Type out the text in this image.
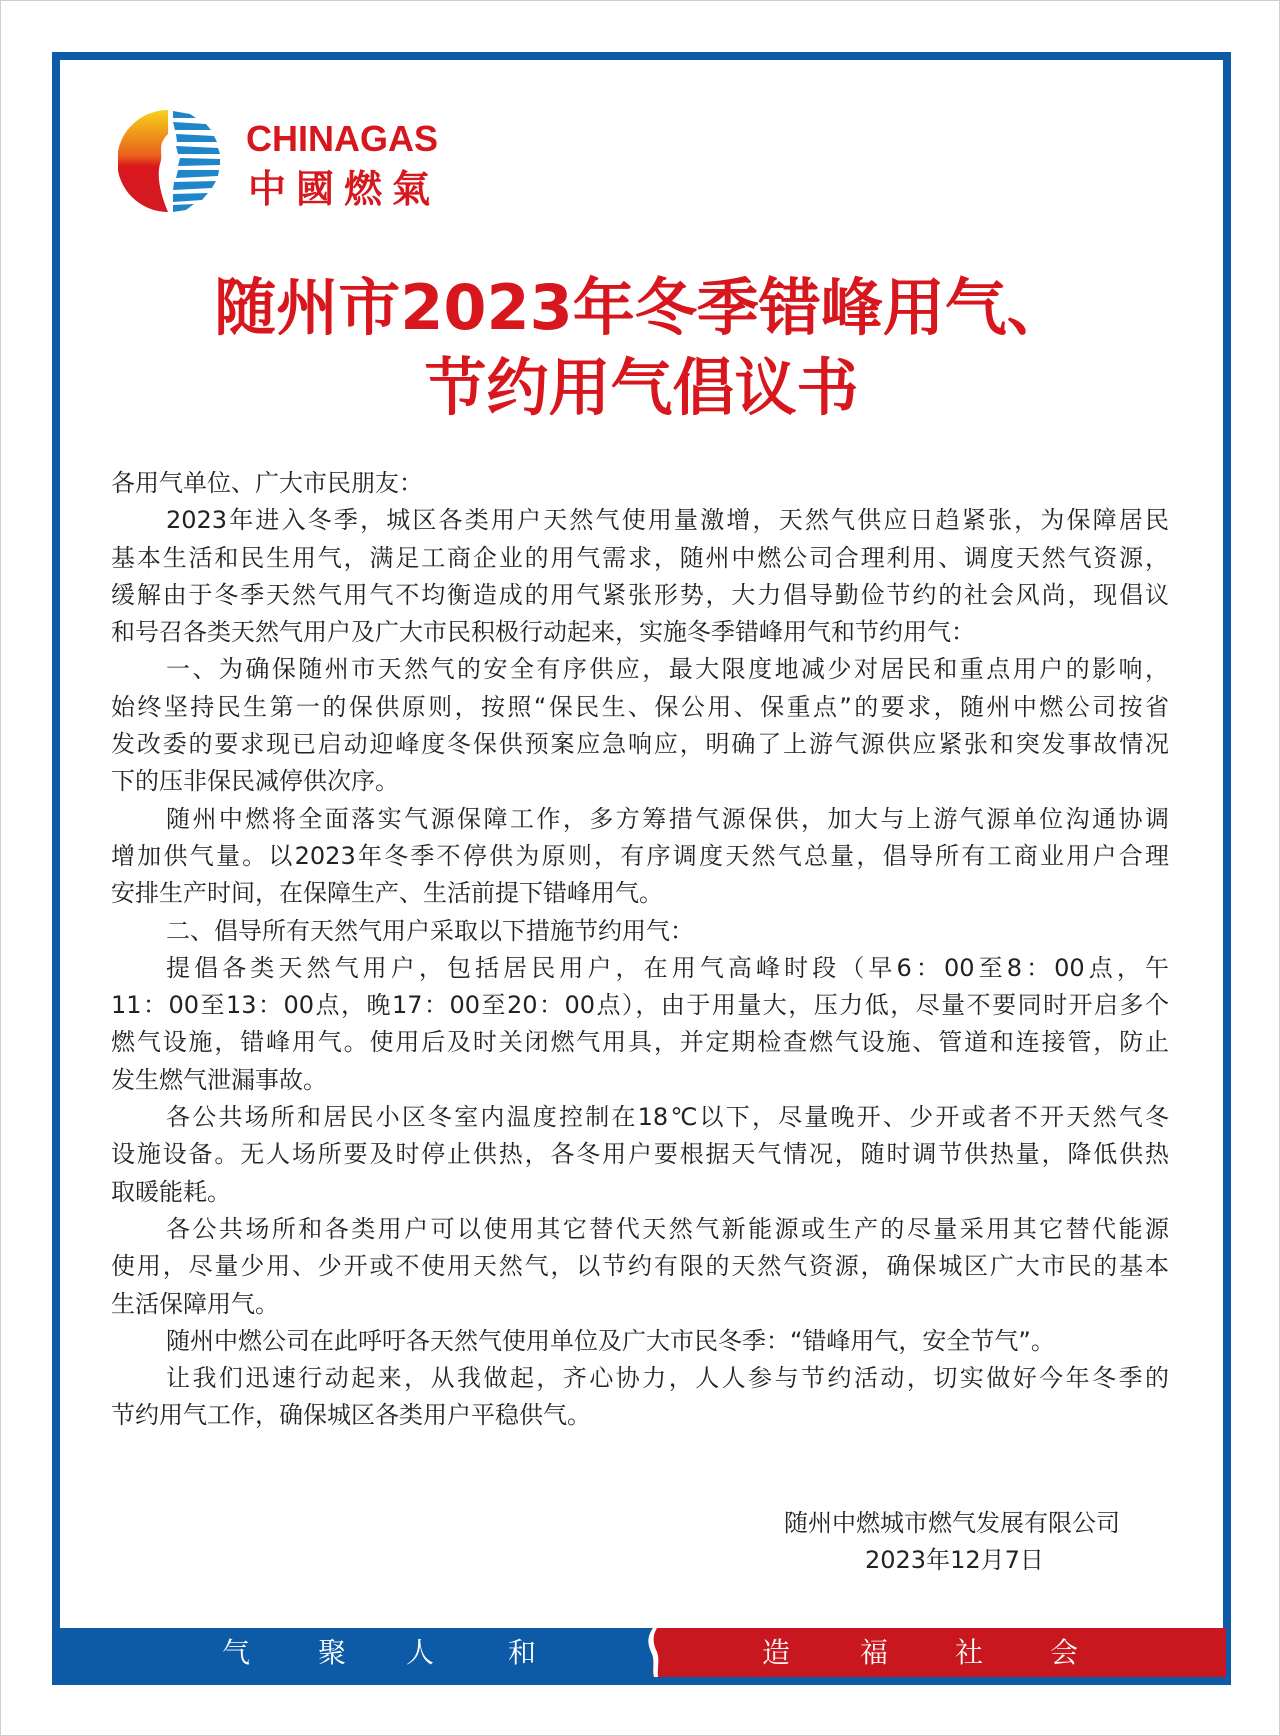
CHINAGAS
中國燃氣
随州市2023年冬季错峰用气、
节约用气倡议书
各用气单位、广大市民朋友：
2023年进入冬季，城区各类用户天然气使用量激增，天然气供应日趋紧张，为保障居民
基本生活和民生用气，满足工商企业的用气需求，随州中燃公司合理利用、调度天然气资源，
缓解由于冬季天然气用气不均衡造成的用气紧张形势，大力倡导勤俭节约的社会风尚，现倡议
和号召各类天然气用户及广大市民积极行动起来，实施冬季错峰用气和节约用气：
一、为确保随州市天然气的安全有序供应，最大限度地减少对居民和重点用户的影响，
始终坚持民生第一的保供原则，按照“保民生、保公用、保重点”的要求，随州中燃公司按省
发改委的要求现已启动迎峰度冬保供预案应急响应，明确了上游气源供应紧张和突发事故情况
下的压非保民减停供次序。
随州中燃将全面落实气源保障工作，多方筹措气源保供，加大与上游气源单位沟通协调
增加供气量。以2023年冬季不停供为原则，有序调度天然气总量，倡导所有工商业用户合理
安排生产时间，在保障生产、生活前提下错峰用气。
二、倡导所有天然气用户采取以下措施节约用气：
提倡各类天然气用户，包括居民用户，在用气高峰时段（早6：00至8：00点，午
11：00至13：00点，晚17：00至20：00点），由于用量大，压力低，尽量不要同时开启多个
燃气设施，错峰用气。使用后及时关闭燃气用具，并定期检查燃气设施、管道和连接管，防止
发生燃气泄漏事故。
各公共场所和居民小区冬室内温度控制在18℃以下，尽量晚开、少开或者不开天然气冬
设施设备。无人场所要及时停止供热，各冬用户要根据天气情况，随时调节供热量，降低供热
取暖能耗。
各公共场所和各类用户可以使用其它替代天然气新能源或生产的尽量采用其它替代能源
使用，尽量少用、少开或不使用天然气，以节约有限的天然气资源，确保城区广大市民的基本
生活保障用气。
随州中燃公司在此呼吁各天然气使用单位及广大市民冬季：“错峰用气，安全节气”。
让我们迅速行动起来，从我做起，齐心协力，人人参与节约活动，切实做好今年冬季的
节约用气工作，确保城区各类用户平稳供气。
随州中燃城市燃气发展有限公司
2023年12月7日
气 聚 人	和	造 福 社 会
